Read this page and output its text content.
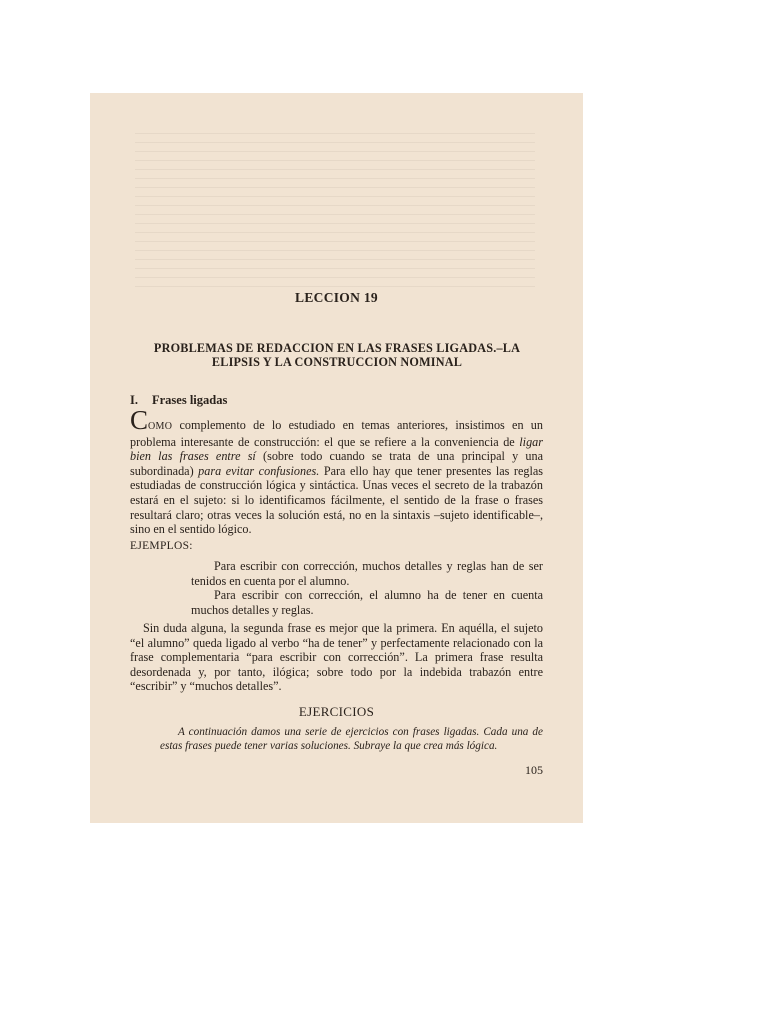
LECCION 19

PROBLEMAS DE REDACCION EN LAS FRASES LIGADAS.–LA
ELIPSIS Y LA CONSTRUCCION NOMINAL

I. Frases ligadas

COMO complemento de lo estudiado en temas anteriores, insistimos en un problema interesante de construcción: el que se refiere a la conveniencia de ligar bien las frases entre sí (sobre todo cuando se trata de una principal y una subordinada) para evitar confusiones. Para ello hay que tener presentes las reglas estudiadas de construcción lógica y sintáctica. Unas veces el secreto de la trabazón estará en el sujeto: si lo identificamos fácilmente, el sentido de la frase o frases resultará claro; otras veces la solución está, no en la sintaxis –sujeto identificable–, sino en el sentido lógico.

EJEMPLOS:

Para escribir con corrección, muchos detalles y reglas han de ser tenidos en cuenta por el alumno.

Para escribir con corrección, el alumno ha de tener en cuenta muchos detalles y reglas.

Sin duda alguna, la segunda frase es mejor que la primera. En aquélla, el sujeto “el alumno” queda ligado al verbo “ha de tener” y perfectamente relacionado con la frase complementaria “para escribir con corrección”. La primera frase resulta desordenada y, por tanto, ilógica; sobre todo por la indebida trabazón entre “escribir” y “muchos detalles”.

EJERCICIOS

A continuación damos una serie de ejercicios con frases ligadas. Cada una de estas frases puede tener varias soluciones. Subraye la que crea más lógica.

105
